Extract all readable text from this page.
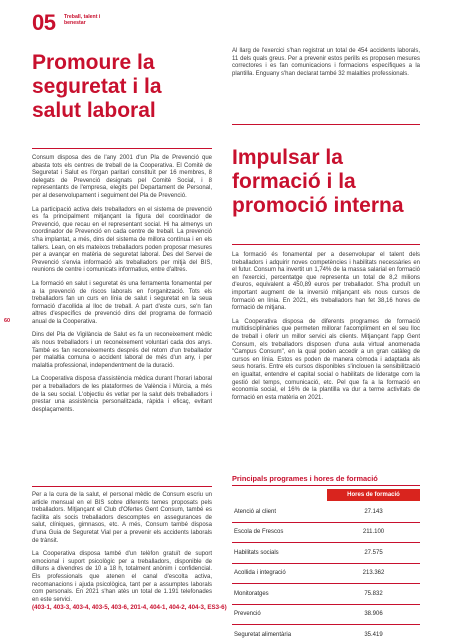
05 Treball, talent i benestar
60
Promoure la seguretat i la salut laboral

Consum disposa des de l'any 2001 d'un Pla de Prevenció que abasta tots els centres de treball de la Cooperativa. El Comitè de Seguretat i Salut es l'òrgan paritari constituït per 16 membres, 8 delegats de Prevenció designats pel Comitè Social, i 8 representants de l'empresa, elegits pel Departament de Personal, per al desenvolupament i seguiment del Pla de Prevenció.

La participació activa dels treballadors en el sistema de prevenció es fa principalment mitjançant la figura del coordinador de Prevenció, que recau en el representant social. Hi ha almenys un coordinador de Prevenció en cada centre de treball. La prevenció s'ha implantat, a més, dins del sistema de millora contínua i en els tallers. Lean, on els mateixos treballadors poden proposar mesures per a avançar en matèria de seguretat laboral. Des del Servei de Prevenció s'envia informació als treballadors per mitjà del BIS, reunions de centre i comunicats informatius, entre d'altres.

La formació en salut i seguretat és una ferramenta fonamental per a la prevenció de riscos laborals en l'organització. Tots els treballadors fan un curs en línia de salut i seguretat en la seua formació d'acollida al lloc de treball. A part d'este curs, se'n fan altres d'específics de prevenció dins del programa de formació anual de la Cooperativa.

Dins del Pla de Vigilància de Salut es fa un reconeixement mèdic als nous treballadors i un reconeixement voluntari cada dos anys. També es fan reconeixements després del retorn d'un treballador per malaltia comuna o accident laboral de més d'un any, i per malaltia professional, independentment de la duració.

La Cooperativa disposa d'assistència mèdica durant l'horari laboral per a treballadors de les plataformes de València i Múrcia, a més de la seu social. L'objectiu és vetlar per la salut dels treballadors i prestar una assistència personalitzada, ràpida i eficaç, evitant desplaçaments.

Per a la cura de la salut, el personal mèdic de Consum escriu un article mensual en el BIS sobre diferents temes proposats pels treballadors. Mitjançant el Club d'Ofertes Gent Consum, també es facilita als socis treballadors descomptes en assegurances de salut, clíniques, gimnasos, etc. A més, Consum també disposa d'una Guia de Seguretat Vial per a prevenir els accidents laborals de trànsit.

La Cooperativa disposa també d'un telèfon gratuït de suport emocional i suport psicològic per a treballadors, disponible de dilluns a divendres de 10 a 18 h, totalment anònim i confidencial. Els professionals que atenen el canal d'escolta activa, recomanacions i ajuda psicològica, tant per a assumptes laborals com personals. En 2021 s'han atès un total de 1.191 telefonades en este servici.

Al llarg de l'exercici s'han registrat un total de 454 accidents laborals, 11 dels quals greus. Per a prevenir estos perills es proposen mesures correctores i es fan comunicacions i formacions específiques a la plantilla. Enguany s'han declarat també 32 malalties professionals.

Impulsar la formació i la promoció interna

La formació és fonamental per a desenvolupar el talent dels treballadors i adquirir noves competències i habilitats necessàries en el futur. Consum ha invertit un 1,74% de la massa salarial en formació en l'exercici, percentatge que representa un total de 8,2 milions d'euros, equivalent a 450,89 euros per treballador. S'ha produït un important augment de la inversió mitjançant els nous cursos de formació en línia. En 2021, els treballadors han fet 38,16 hores de formació de mitjana.

La Cooperativa disposa de diferents programes de formació multidisciplinàries que permeten millorar l'acompliment en el seu lloc de treball i oferir un millor servici als clients. Mitjançant l'app Gent Consum, els treballadors disposen d'una aula virtual anomenada "Campus Consum", en la qual poden accedir a un gran catàleg de cursos en línia. Estos es poden de manera còmoda i adaptada als seus horaris. Entre els cursos disponibles s'inclouen la sensibilització en igualtat, entendre el capital social o habilitats de lideratge com la gestió del temps, comunicació, etc. Pel que fa a la formació en economia social, el 16% de la plantilla va dur a terme activitats de formació en esta matèria en 2021.

Principals programes i hores de formació
Hores de formació
Atenció al client	27.143
Escola de Frescos	211.100
Habilitats socials	27.575
Acollida i integració	213.362
Monitoratges	75.832
Prevenció	38.906
Seguretat alimentària	35.419
(403-1, 403-3, 403-4, 403-5, 403-6, 201-4, 404-1, 404-2, 404-3, ES3-6)
